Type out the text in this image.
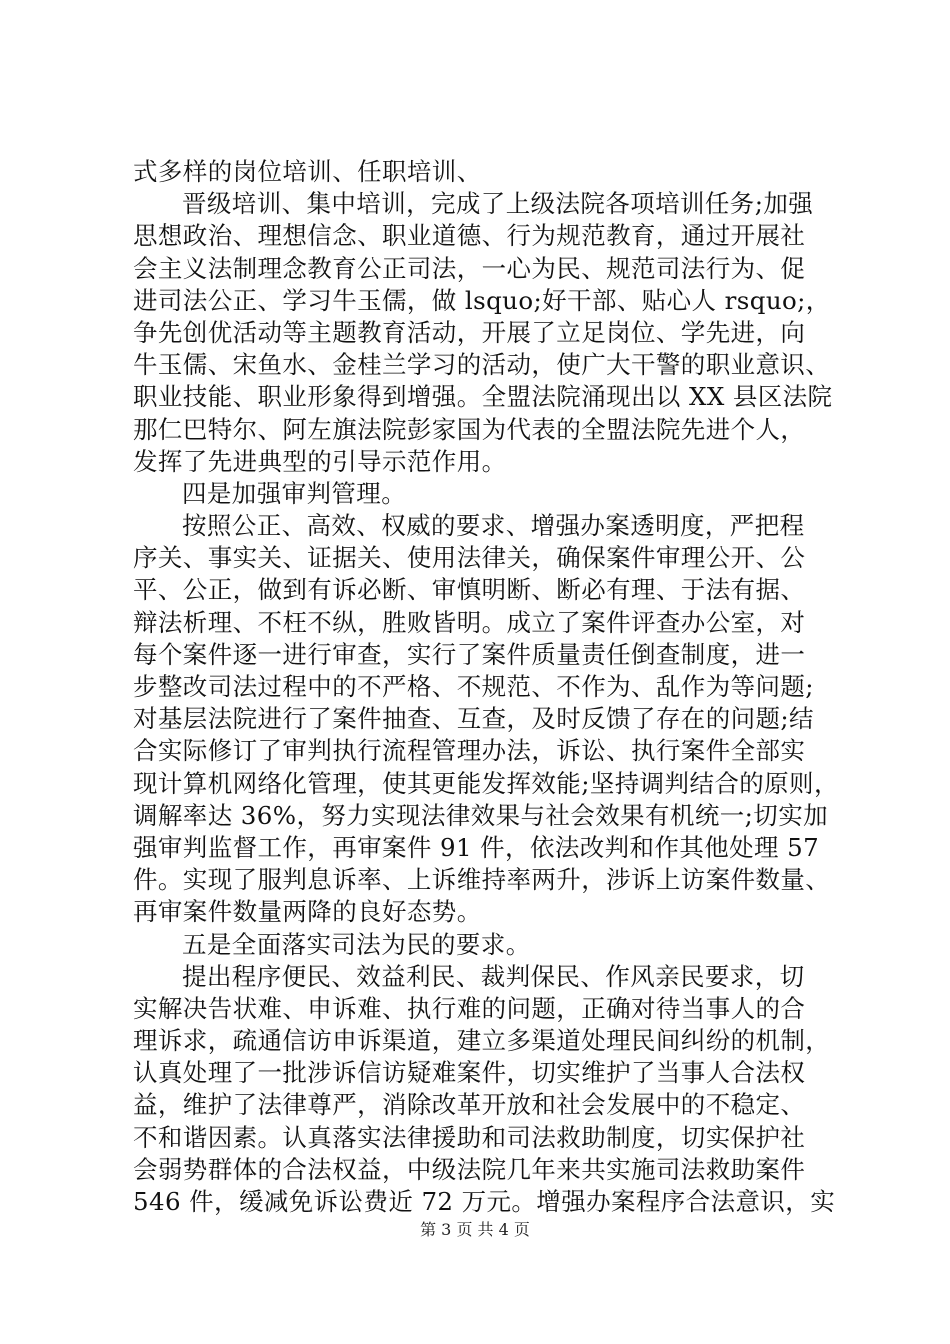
式多样的岗位培训、任职培训、
晋级培训、集中培训，完成了上级法院各项培训任务;加强
思想政治、理想信念、职业道德、行为规范教育，通过开展社
会主义法制理念教育公正司法，一心为民、规范司法行为、促
进司法公正、学习牛玉儒，做 lsquo;好干部、贴心人 rsquo;，
争先创优活动等主题教育活动，开展了立足岗位、学先进，向
牛玉儒、宋鱼水、金桂兰学习的活动，使广大干警的职业意识、
职业技能、职业形象得到增强。全盟法院涌现出以 XX 县区法院
那仁巴特尔、阿左旗法院彭家国为代表的全盟法院先进个人，
发挥了先进典型的引导示范作用。
四是加强审判管理。
按照公正、高效、权威的要求、增强办案透明度，严把程
序关、事实关、证据关、使用法律关，确保案件审理公开、公
平、公正，做到有诉必断、审慎明断、断必有理、于法有据、
辩法析理、不枉不纵，胜败皆明。成立了案件评查办公室，对
每个案件逐一进行审查，实行了案件质量责任倒查制度，进一
步整改司法过程中的不严格、不规范、不作为、乱作为等问题;
对基层法院进行了案件抽查、互查，及时反馈了存在的问题;结
合实际修订了审判执行流程管理办法，诉讼、执行案件全部实
现计算机网络化管理，使其更能发挥效能;坚持调判结合的原则，
调解率达 36%，努力实现法律效果与社会效果有机统一;切实加
强审判监督工作，再审案件 91 件，依法改判和作其他处理 57
件。实现了服判息诉率、上诉维持率两升，涉诉上访案件数量、
再审案件数量两降的良好态势。
五是全面落实司法为民的要求。
提出程序便民、效益利民、裁判保民、作风亲民要求，切
实解决告状难、申诉难、执行难的问题，正确对待当事人的合
理诉求，疏通信访申诉渠道，建立多渠道处理民间纠纷的机制，
认真处理了一批涉诉信访疑难案件，切实维护了当事人合法权
益，维护了法律尊严，消除改革开放和社会发展中的不稳定、
不和谐因素。认真落实法律援助和司法救助制度，切实保护社
会弱势群体的合法权益，中级法院几年来共实施司法救助案件
546 件，缓减免诉讼费近 72 万元。增强办案程序合法意识，实
第 3 页 共 4 页
